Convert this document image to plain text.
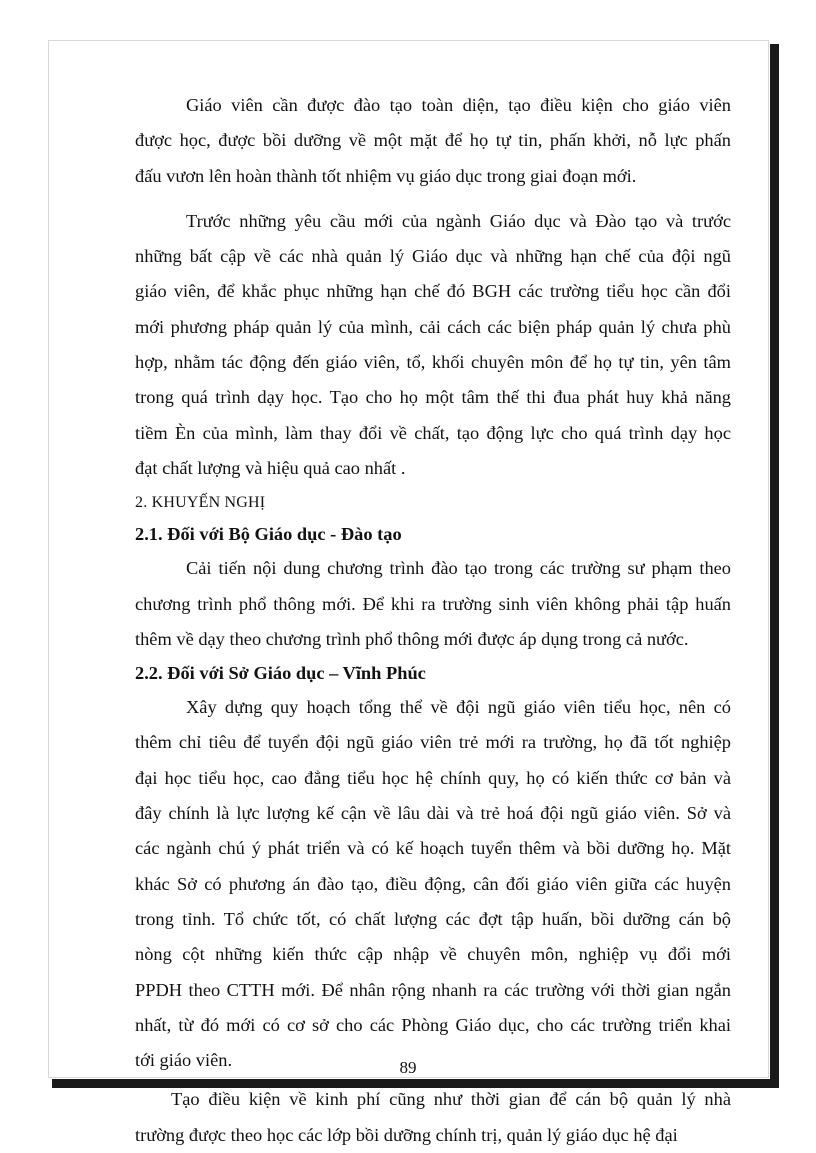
Giáo viên cần được đào tạo toàn diện, tạo điều kiện cho giáo viên
được học, được bồi dưỡng về một mặt để họ tự tin, phấn khởi, nỗ lực phấn
đấu vươn lên hoàn thành tốt nhiệm vụ giáo dục trong giai đoạn mới.

Trước những yêu cầu mới của ngành Giáo dục và Đào tạo và trước
những bất cập về các nhà quản lý Giáo dục và những hạn chế của đội ngũ
giáo viên, để khắc phục những hạn chế đó BGH các trường tiểu học cần đổi
mới phương pháp quản lý của mình, cải cách các biện pháp quản lý chưa phù
hợp, nhằm tác động đến giáo viên, tổ, khối chuyên môn để họ tự tin, yên tâm
trong quá trình dạy học. Tạo cho họ một tâm thế thi đua phát huy khả năng
tiềm Èn của mình, làm thay đổi về chất, tạo động lực cho quá trình dạy học
đạt chất lượng và hiệu quả cao nhất .

2. KHUYẾN NGHỊ

2.1. Đối với Bộ Giáo dục - Đào tạo

Cải tiến nội dung chương trình đào tạo trong các trường sư phạm theo
chương trình phổ thông mới. Để khi ra trường sinh viên không phải tập huấn
thêm về dạy theo chương trình phổ thông mới được áp dụng trong cả nước.

2.2. Đối với Sở Giáo dục – Vĩnh Phúc

Xây dựng quy hoạch tổng thể về đội ngũ giáo viên tiểu học, nên có
thêm chỉ tiêu để tuyển đội ngũ giáo viên trẻ mới ra trường, họ đã tốt nghiệp
đại học tiểu học, cao đẳng tiểu học hệ chính quy, họ có kiến thức cơ bản và
đây chính là lực lượng kế cận về lâu dài và trẻ hoá đội ngũ giáo viên. Sở và
các ngành chú ý phát triển và có kế hoạch tuyển thêm và bồi dưỡng họ. Mặt
khác Sở có phương án đào tạo, điều động, cân đối giáo viên giữa các huyện
trong tỉnh. Tổ chức tốt, có chất lượng các đợt tập huấn, bồi dưỡng cán bộ
nòng cột những kiến thức cập nhập về chuyên môn, nghiệp vụ đổi mới
PPDH theo CTTH mới. Để nhân rộng nhanh ra các trường với thời gian ngắn
nhất, từ đó mới có cơ sở cho các Phòng Giáo dục, cho các trường triển khai
tới giáo viên.

Tạo điều kiện về kinh phí cũng như thời gian để cán bộ quản lý nhà
trường được theo học các lớp bồi dưỡng chính trị, quản lý giáo dục hệ đại

89
